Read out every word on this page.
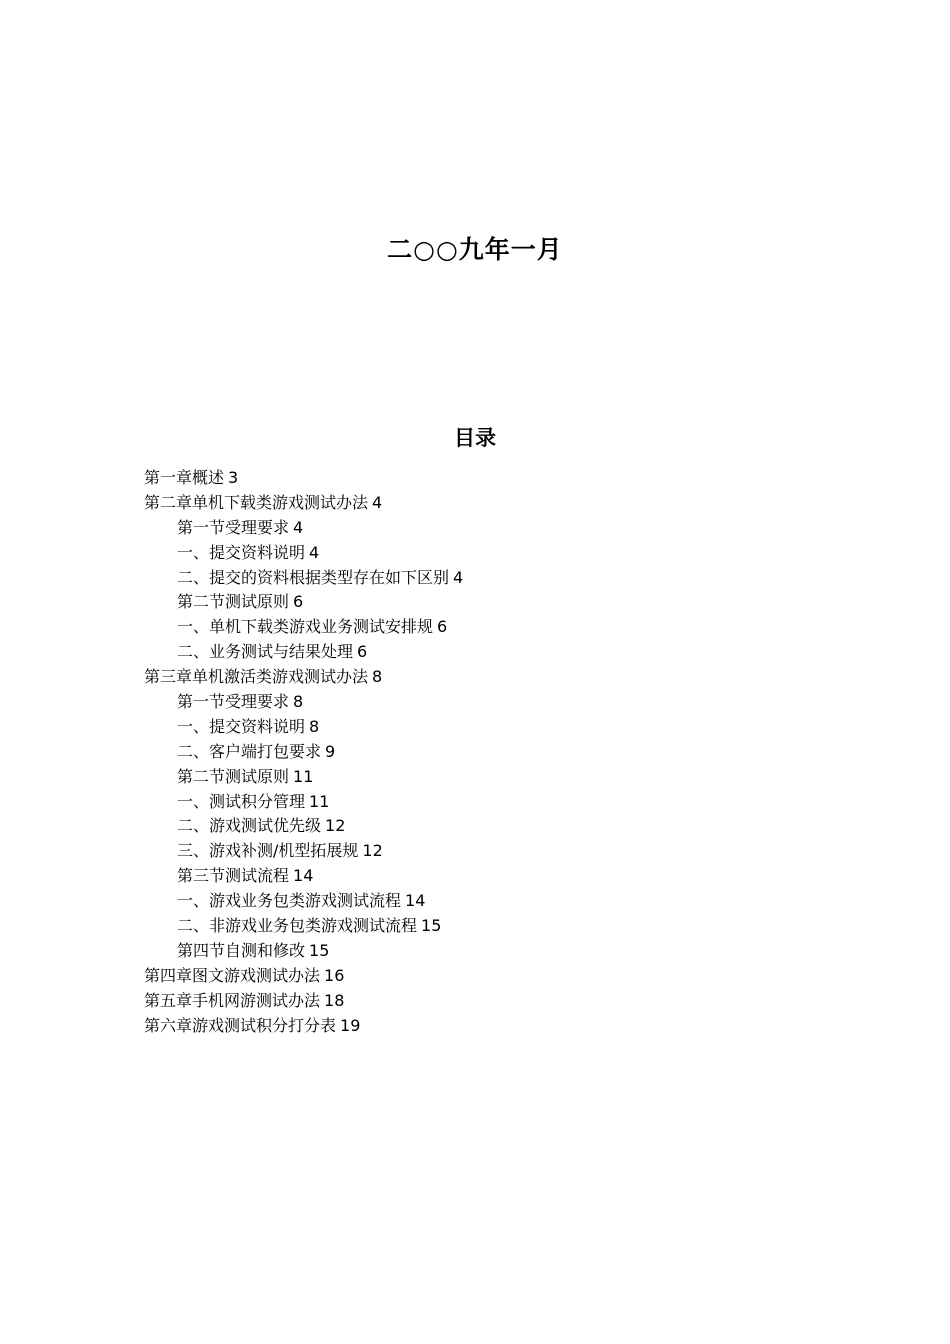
二○○九年一月
目录
第一章概述 3
第二章单机下载类游戏测试办法 4
第一节受理要求 4
一、提交资料说明 4
二、提交的资料根据类型存在如下区别 4
第二节测试原则 6
一、单机下载类游戏业务测试安排规 6
二、业务测试与结果处理 6
第三章单机激活类游戏测试办法 8
第一节受理要求 8
一、提交资料说明 8
二、客户端打包要求 9
第二节测试原则 11
一、测试积分管理 11
二、游戏测试优先级 12
三、游戏补测/机型拓展规 12
第三节测试流程 14
一、游戏业务包类游戏测试流程 14
二、非游戏业务包类游戏测试流程 15
第四节自测和修改 15
第四章图文游戏测试办法 16
第五章手机网游测试办法 18
第六章游戏测试积分打分表 19
